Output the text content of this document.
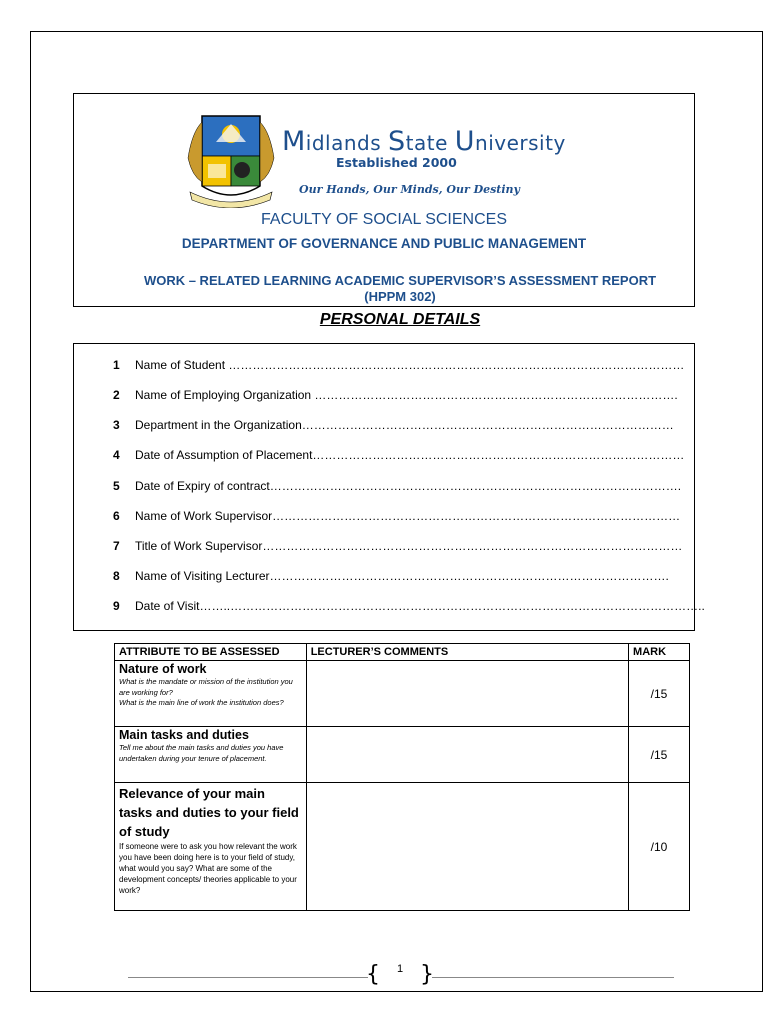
Midlands State University
Established 2000
Our Hands, Our Minds, Our Destiny
FACULTY OF SOCIAL SCIENCES
DEPARTMENT OF GOVERNANCE AND PUBLIC MANAGEMENT
WORK – RELATED LEARNING ACADEMIC SUPERVISOR’S ASSESSMENT REPORT
(HPPM 302)
PERSONAL DETAILS
1 Name of Student ……………………………………………………………………………………………………
2 Name of Employing Organization ……………………………………………………………………………….
3 Department in the Organization…………………………………………………………………………………
4 Date of Assumption of Placement…………………………………………………………………………………
5 Date of Expiry of contract………………………………………………………………………………………….
6 Name of Work Supervisor…………………………………………………………………………………………
7 Title of Work Supervisor……………………………………………………………………………………………
8 Name of Visiting Lecturer……………………………………………………………………………………….
9 Date of Visit……..………………………………………………………………………………………………………..
ATTRIBUTE TO BE ASSESSED	LECTURER’S COMMENTS	MARK

Nature of work
What is the mandate or mission of the institution you are working for?
What is the main line of work the institution does?		/15

Main tasks and duties
Tell me about the main tasks and duties you have undertaken during your tenure of placement.		/15

Relevance of your main tasks and duties to your field of study
If someone were to ask you how relevant the work you have been doing here is to your field of study, what would you say? What are some of the development concepts/ theories applicable to your work?		/10
{ }
1
